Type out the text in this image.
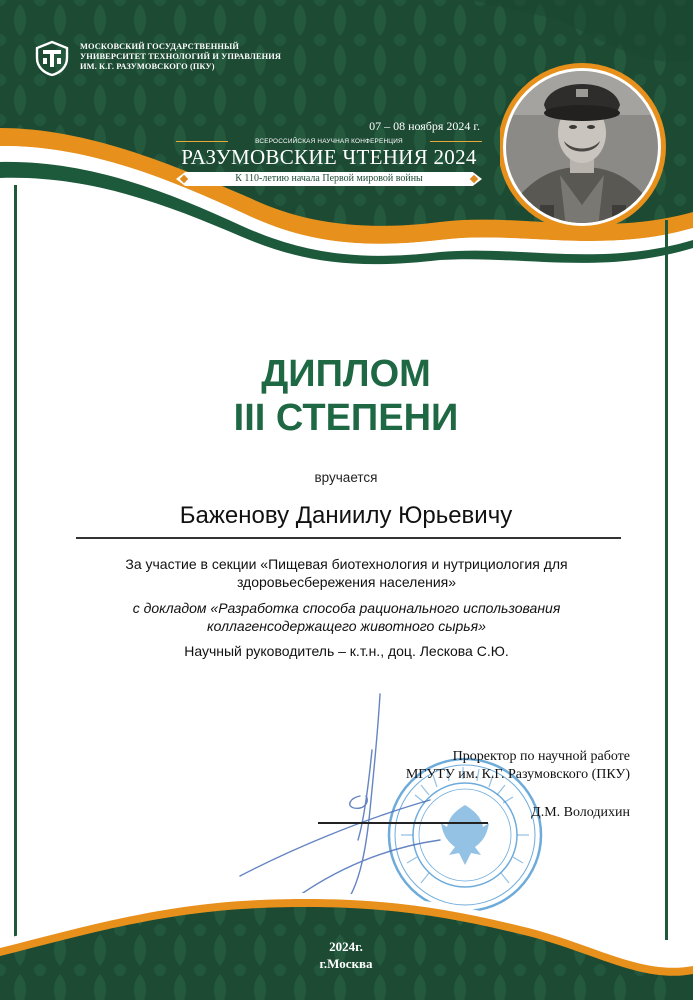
МОСКОВСКИЙ ГОСУДАРСТВЕННЫЙ
УНИВЕРСИТЕТ ТЕХНОЛОГИЙ И УПРАВЛЕНИЯ
ИМ. К.Г. РАЗУМОВСКОГО (ПКУ)
07 – 08 ноября 2024 г.
ВСЕРОССИЙСКАЯ НАУЧНАЯ КОНФЕРЕНЦИЯ
РАЗУМОВСКИЕ ЧТЕНИЯ 2024
К 110-летию начала Первой мировой войны
ДИПЛОМ
III СТЕПЕНИ
вручается
Баженову Даниилу Юрьевичу
За участие в секции «Пищевая биотехнология и нутрициология для
здоровьесбережения населения»
с докладом «Разработка способа рационального использования
коллагенсодержащего животного сырья»
Научный руководитель – к.т.н., доц. Лескова С.Ю.
Проректор по научной работе
МГУТУ им. К.Г. Разумовского (ПКУ)
Д.М. Володихин
2024г.
г.Москва
